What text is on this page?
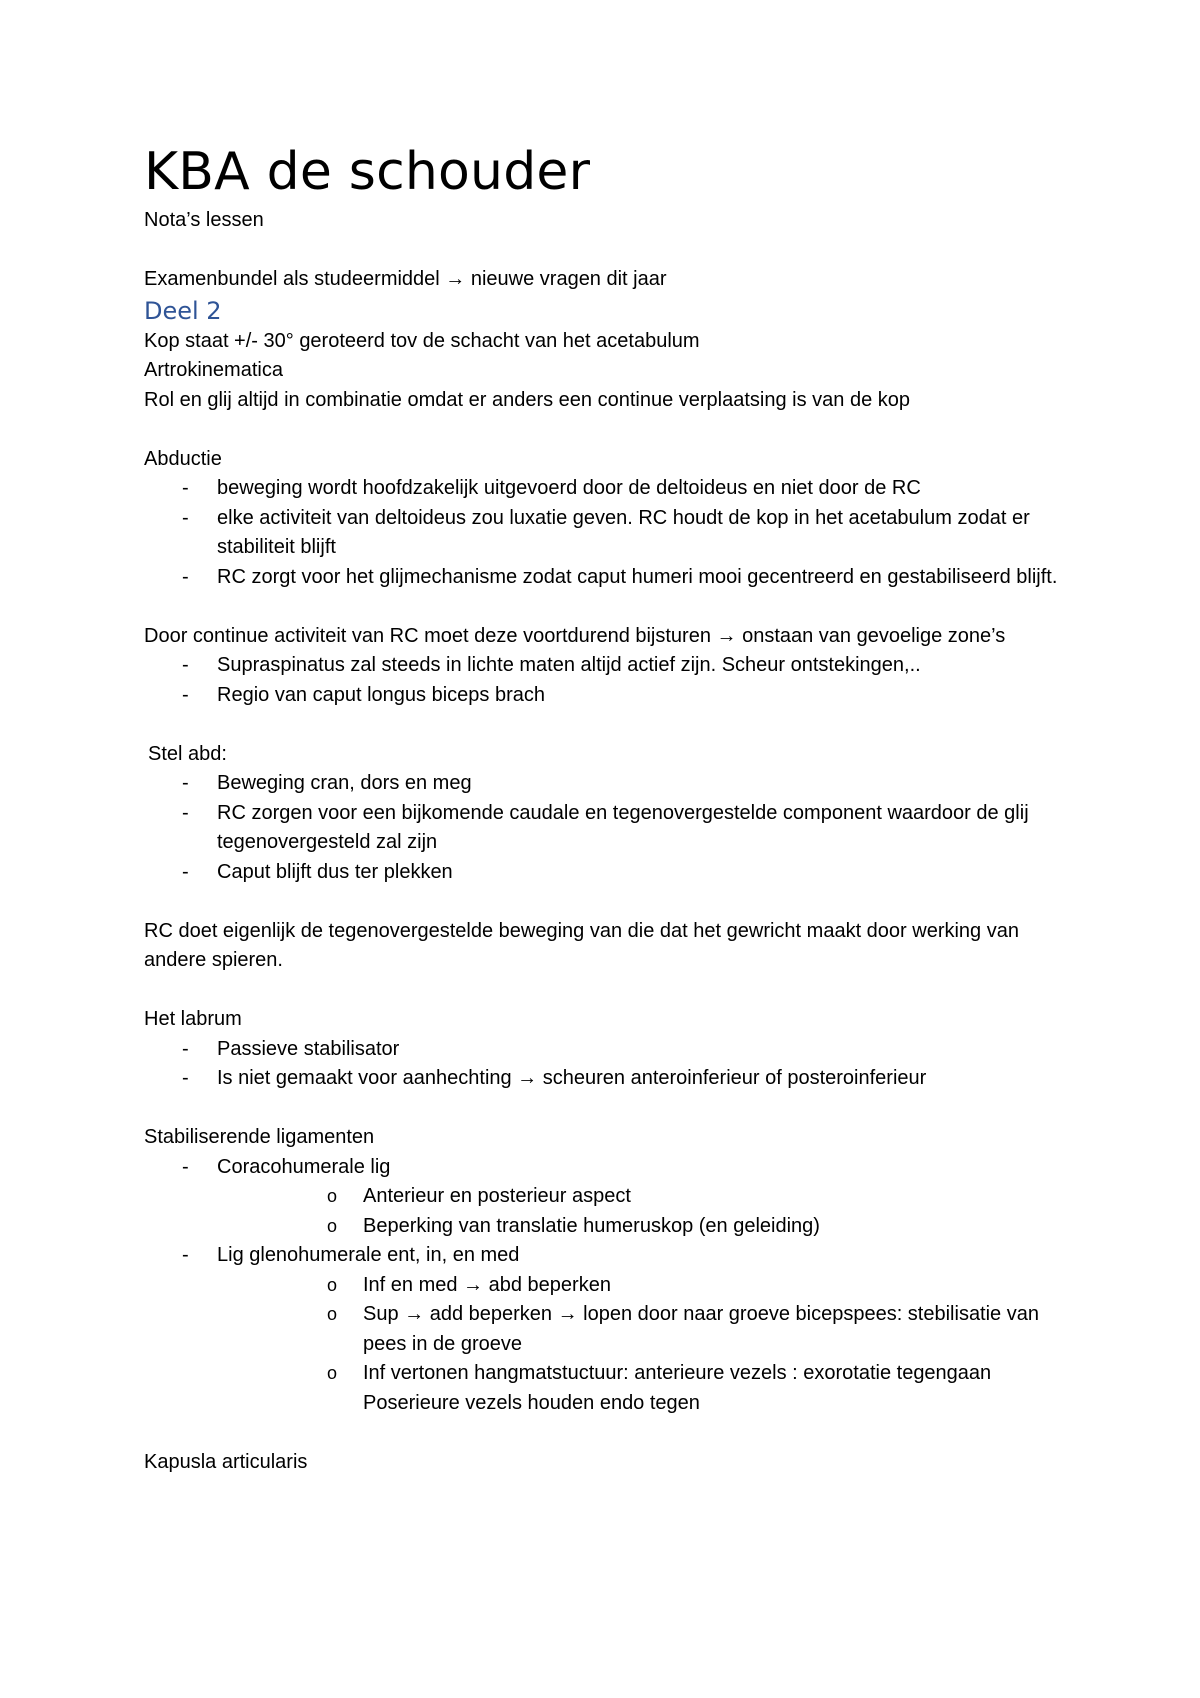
KBA de schouder

Nota’s lessen

Examenbundel als studeermiddel → nieuwe vragen dit jaar

Deel 2

Kop staat +/- 30° geroteerd tov de schacht van het acetabulum

Artrokinematica

Rol en glij altijd in combinatie omdat er anders een continue verplaatsing is van de kop

Abductie

- beweging wordt hoofdzakelijk uitgevoerd door de deltoideus en niet door de RC
- elke activiteit van deltoideus zou luxatie geven. RC houdt de kop in het acetabulum zodat er stabiliteit blijft
- RC zorgt voor het glijmechanisme zodat caput humeri mooi gecentreerd en gestabiliseerd blijft.

Door continue activiteit van RC moet deze voortdurend bijsturen → onstaan van gevoelige zone’s

- Supraspinatus zal steeds in lichte maten altijd actief zijn. Scheur ontstekingen,..
- Regio van caput longus biceps brach

Stel abd:

- Beweging cran, dors en meg
- RC zorgen voor een bijkomende caudale en tegenovergestelde component waardoor de glij tegenovergesteld zal zijn
- Caput blijft dus ter plekken

RC doet eigenlijk de tegenovergestelde beweging van die dat het gewricht maakt door werking van andere spieren.

Het labrum

- Passieve stabilisator
- Is niet gemaakt voor aanhechting → scheuren anteroinferieur of posteroinferieur

Stabiliserende ligamenten

- Coracohumerale lig
o Anterieur en posterieur aspect
o Beperking van translatie humeruskop (en geleiding)
- Lig glenohumerale ent, in, en med
o Inf en med → abd beperken
o Sup → add beperken → lopen door naar groeve bicepspees: stebilisatie van pees in de groeve
o Inf vertonen hangmatstuctuur: anterieure vezels : exorotatie tegengaan Poserieure vezels houden endo tegen

Kapusla articularis
